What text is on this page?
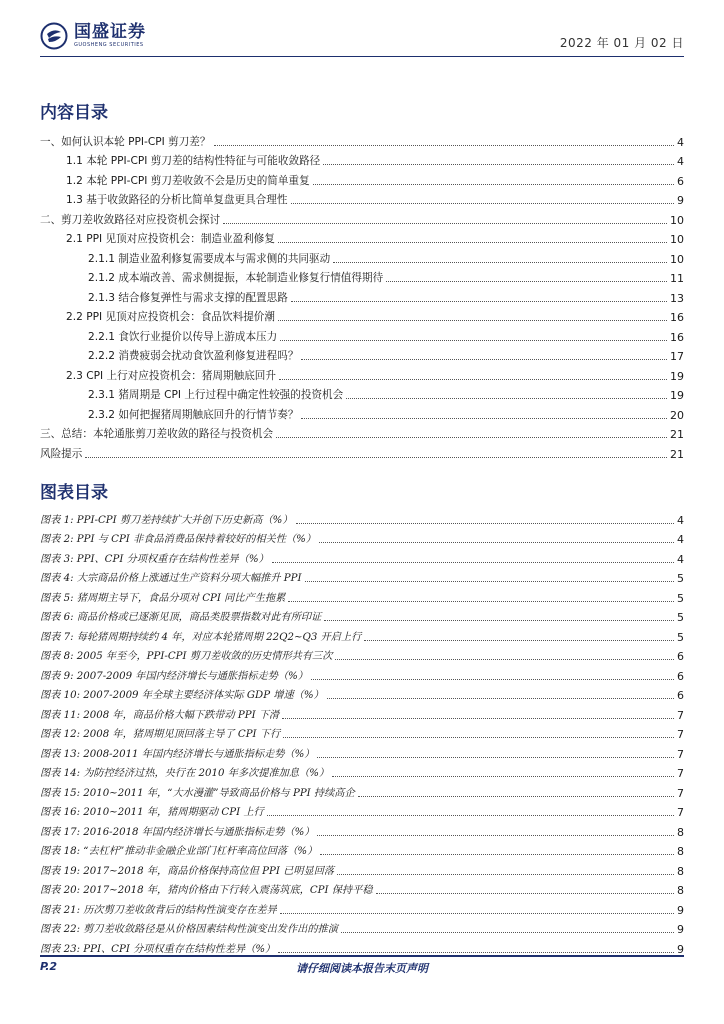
国盛证券
GUOSHENG SECURITIES	2022 年 01 月 02 日
内容目录
一、如何认识本轮 PPI-CPI 剪刀差？	4
1.1 本轮 PPI-CPI 剪刀差的结构性特征与可能收敛路径	4
1.2 本轮 PPI-CPI 剪刀差收敛不会是历史的简单重复	6
1.3 基于收敛路径的分析比简单复盘更具合理性	9
二、剪刀差收敛路径对应投资机会探讨	10
2.1 PPI 见顶对应投资机会：制造业盈利修复	10
2.1.1 制造业盈利修复需要成本与需求侧的共同驱动	10
2.1.2 成本端改善、需求侧提振，本轮制造业修复行情值得期待	11
2.1.3 结合修复弹性与需求支撑的配置思路	13
2.2 PPI 见顶对应投资机会：食品饮料提价潮	16
2.2.1 食饮行业提价以传导上游成本压力	16
2.2.2 消费疲弱会扰动食饮盈利修复进程吗？	17
2.3 CPI 上行对应投资机会：猪周期触底回升	19
2.3.1 猪周期是 CPI 上行过程中确定性较强的投资机会	19
2.3.2 如何把握猪周期触底回升的行情节奏？	20
三、总结：本轮通胀剪刀差收敛的路径与投资机会	21
风险提示	21
图表目录
图表 1: PPI-CPI 剪刀差持续扩大并创下历史新高（%）	4
图表 2: PPI 与 CPI 非食品消费品保持着较好的相关性（%）	4
图表 3: PPI、CPI 分项权重存在结构性差异（%）	4
图表 4: 大宗商品价格上涨通过生产资料分项大幅推升 PPI	5
图表 5: 猪周期主导下，食品分项对 CPI 同比产生拖累	5
图表 6: 商品价格或已逐渐见顶，商品类股票指数对此有所印证	5
图表 7: 每轮猪周期持续约 4 年，对应本轮猪周期 22Q2~Q3 开启上行	5
图表 8: 2005 年至今，PPI-CPI 剪刀差收敛的历史情形共有三次	6
图表 9: 2007-2009 年国内经济增长与通胀指标走势（%）	6
图表 10: 2007-2009 年全球主要经济体实际 GDP 增速（%）	6
图表 11: 2008 年，商品价格大幅下跌带动 PPI 下滑	7
图表 12: 2008 年，猪周期见顶回落主导了 CPI 下行	7
图表 13: 2008-2011 年国内经济增长与通胀指标走势（%）	7
图表 14: 为防控经济过热，央行在 2010 年多次提准加息（%）	7
图表 15: 2010~2011 年，“大水漫灌”导致商品价格与 PPI 持续高企	7
图表 16: 2010~2011 年，猪周期驱动 CPI 上行	7
图表 17: 2016-2018 年国内经济增长与通胀指标走势（%）	8
图表 18: “去杠杆”推动非金融企业部门杠杆率高位回落（%）	8
图表 19: 2017~2018 年，商品价格保持高位但 PPI 已明显回落	8
图表 20: 2017~2018 年，猪肉价格由下行转入震荡筑底，CPI 保持平稳	8
图表 21: 历次剪刀差收敛背后的结构性演变存在差异	9
图表 22: 剪刀差收敛路径是从价格因素结构性演变出发作出的推演	9
图表 23: PPI、CPI 分项权重存在结构性差异（%）	9
请仔细阅读本报告末页声明
P.2
